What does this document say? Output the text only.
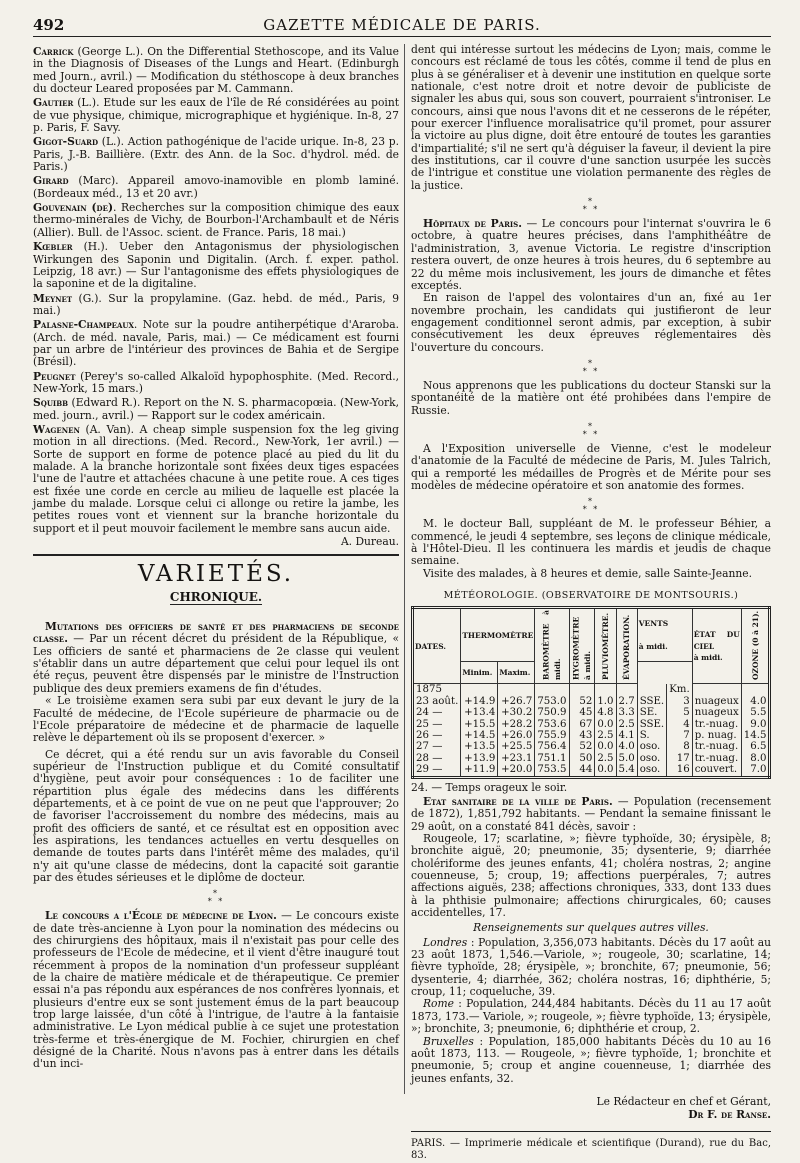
492	GAZETTE MÉDICALE DE PARIS.

Carrick (George L.). On the Differential Stethoscope, and its Value in the Diagnosis of Diseases of the Lungs and Heart. (Edinburgh med Journ., avril.) — Modification du stéthoscope à deux branches du docteur Leared proposées par M. Cammann.

Gautier (L.). Etude sur les eaux de l'île de Ré considérées au point de vue physique, chimique, micrographique et hygiénique. In-8, 27 p. Paris, F. Savy.

Gigot-Suard (L.). Action pathogénique de l'acide urique. In-8, 23 p. Paris, J.-B. Baillière. (Extr. des Ann. de la Soc. d'hydrol. méd. de Paris.)

Girard (Marc). Appareil amovo-inamovible en plomb laminé. (Bordeaux méd., 13 et 20 avr.)

Gouvenain (de). Recherches sur la composition chimique des eaux thermo-minérales de Vichy, de Bourbon-l'Archambault et de Néris (Allier). Bull. de l'Assoc. scient. de France. Paris, 18 mai.)

Kœbler (H.). Ueber den Antagonismus der physiologischen Wirkungen des Saponin und Digitalin. (Arch. f. exper. pathol. Leipzig, 18 avr.) — Sur l'antagonisme des effets physiologiques de la saponine et de la digitaline.

Meynet (G.). Sur la propylamine. (Gaz. hebd. de méd., Paris, 9 mai.)

Palasne-Champeaux. Note sur la poudre antiherpétique d'Araroba. (Arch. de méd. navale, Paris, mai.) — Ce médicament est fourni par un arbre de l'intérieur des provinces de Bahia et de Sergipe (Brésil).

Peugnet (Perey's so-called Alkaloïd hypophosphite. (Med. Record., New-York, 15 mars.)

Squibb (Edward R.). Report on the N. S. pharmacopœia. (New-York, med. journ., avril.) — Rapport sur le codex américain.

Wagenen (A. Van). A cheap simple suspension fox the leg giving motion in all directions. (Med. Record., New-York, 1er avril.) — Sorte de support en forme de potence placé au pied du lit du malade. A la branche horizontale sont fixées deux tiges espacées l'une de l'autre et attachées chacune à une petite roue. A ces tiges est fixée une corde en cercle au milieu de laquelle est placée la jambe du malade. Lorsque celui ci allonge ou retire la jambe, les petites roues vont et viennent sur la branche horizontale du support et il peut mouvoir facilement le membre sans aucun aide.

A. Dureau.

VARIETÉS.
CHRONIQUE.

Mutations des officiers de santé et des pharmaciens de seconde classe. — Par un récent décret du président de la République, « Les officiers de santé et pharmaciens de 2e classe qui veulent s'établir dans un autre département que celui pour lequel ils ont été reçus, peuvent être dispensés par le ministre de l'Instruction publique des deux premiers examens de fin d'études.

« Le troisième examen sera subi par eux devant le jury de la Faculté de médecine, de l'Ecole supérieure de pharmacie ou de l'Ecole préparatoire de médecine et de pharmacie de laquelle relève le département où ils se proposent d'exercer. »

Ce décret, qui a été rendu sur un avis favorable du Conseil supérieur de l'Instruction publique et du Comité consultatif d'hygiène, peut avoir pour conséquences : 1o de faciliter une répartition plus égale des médecins dans les différents départements, et à ce point de vue on ne peut que l'approuver; 2o de favoriser l'accroissement du nombre des médecins, mais au profit des officiers de santé, et ce résultat est en opposition avec les aspirations, les tendances actuelles en vertu desquelles on demande de toutes parts dans l'intérêt même des malades, qu'il n'y ait qu'une classe de médecins, dont la capacité soit garantie par des études sérieuses et le diplôme de docteur.

*
* *

Le concours a l'École de médecine de Lyon. — Le concours existe de date très-ancienne à Lyon pour la nomination des médecins ou des chirurgiens des hôpitaux, mais il n'existait pas pour celle des professeurs de l'Ecole de médecine, et il vient d'être inauguré tout récemment à propos de la nomination d'un professeur suppléant de la chaire de matière médicale et de thérapeutique. Ce premier essai n'a pas répondu aux espérances de nos confrères lyonnais, et plusieurs d'entre eux se sont justement émus de la part beaucoup trop large laissée, d'un côté à l'intrigue, de l'autre à la fantaisie administrative. Le Lyon médical publie à ce sujet une protestation très-ferme et très-énergique de M. Fochier, chirurgien en chef désigné de la Charité. Nous n'avons pas à entrer dans les détails d'un inci-

dent qui intéresse surtout les médecins de Lyon; mais, comme le concours est réclamé de tous les côtés, comme il tend de plus en plus à se généraliser et à devenir une institution en quelque sorte nationale, c'est notre droit et notre devoir de publiciste de signaler les abus qui, sous son couvert, pourraient s'introniser. Le concours, ainsi que nous l'avons dit et ne cesserons de le répéter, pour exercer l'influence moralisatrice qu'il promet, pour assurer la victoire au plus digne, doit être entouré de toutes les garanties d'impartialité; s'il ne sert qu'à déguiser la faveur, il devient la pire des institutions, car il couvre d'une sanction usurpée les succès de l'intrigue et constitue une violation permanente des règles de la justice.

*
* *

Hôpitaux de Paris. — Le concours pour l'internat s'ouvrira le 6 octobre, à quatre heures précises, dans l'amphithéâtre de l'administration, 3, avenue Victoria. Le registre d'inscription restera ouvert, de onze heures à trois heures, du 6 septembre au 22 du même mois inclusivement, les jours de dimanche et fêtes exceptés.

En raison de l'appel des volontaires d'un an, fixé au 1er novembre prochain, les candidats qui justifieront de leur engagement conditionnel seront admis, par exception, à subir consécutivement les deux épreuves réglementaires dès l'ouverture du concours.

*
* *

Nous apprenons que les publications du docteur Stanski sur la spontanéité de la matière ont été prohibées dans l'empire de Russie.

*
* *

A l'Exposition universelle de Vienne, c'est le modeleur d'anatomie de la Faculté de médecine de Paris, M. Jules Talrich, qui a remporté les médailles de Progrès et de Mérite pour ses modèles de médecine opératoire et son anatomie des formes.

*
* *

M. le docteur Ball, suppléant de M. le professeur Béhier, a commencé, le jeudi 4 septembre, ses leçons de clinique médicale, à l'Hôtel-Dieu. Il les continuera les mardis et jeudis de chaque semaine.

Visite des malades, à 8 heures et demie, salle Sainte-Jeanne.

MÉTÉOROLOGIE. (OBSERVATOIRE DE MONTSOURIS.)
DATES.	THERMOMÈTRE		BAROMÈTRE à midi.	HYGROMÈTRE à midi.	PLUVIOMÈTRE.	ÉVAPORATION.	VENTS

à midi.		ÉTAT DU CIEL
à midi.	OZONE (0 à 21).
	Minim.	Maxim.								
1875								Km.		
23 août.	+14.9	+26.7	753.0	52	1.0	2.7	SSE.	3	nuageux	4.0
24 —	+13.4	+30.2	750.9	45	4.8	3.3	SE.	5	nuageux	5.5
25 —	+15.5	+28.2	753.6	67	0.0	2.5	SSE.	4	tr.-nuag.	9.0
26 —	+14.5	+26.0	755.9	43	2.5	4.1	S.	7	p. nuag.	14.5
27 —	+13.5	+25.5	756.4	52	0.0	4.0	oso.	8	tr.-nuag.	6.5
28 —	+13.9	+23.1	751.1	50	2.5	5.0	oso.	17	tr.-nuag.	8.0
29 —	+11.9	+20.0	753.5	44	0.0	5.4	oso.	16	couvert.	7.0

24. — Temps orageux le soir.

Etat sanitaire de la ville de Paris. — Population (recensement de 1872), 1,851,792 habitants. — Pendant la semaine finissant le 29 août, on a constaté 841 décès, savoir :

Rougeole, 17; scarlatine, »; fièvre typhoïde, 30; érysipèle, 8; bronchite aiguë, 20; pneumonie, 35; dysenterie, 9; diarrhée cholériforme des jeunes enfants, 41; choléra nostras, 2; angine couenneuse, 5; croup, 19; affections puerpérales, 7; autres affections aiguës, 238; affections chroniques, 333, dont 133 dues à la phthisie pulmonaire; affections chirurgicales, 60; causes accidentelles, 17.

Renseignements sur quelques autres villes.

Londres : Population, 3,356,073 habitants. Décès du 17 août au 23 août 1873, 1,546.—Variole, »; rougeole, 30; scarlatine, 14; fièvre typhoïde, 28; érysipèle, »; bronchite, 67; pneumonie, 56; dysenterie, 4; diarrhée, 362; choléra nostras, 16; diphthérie, 5; croup, 11; coqueluche, 39.

Rome : Population, 244,484 habitants. Décès du 11 au 17 août 1873, 173.— Variole, »; rougeole, »; fièvre typhoïde, 13; érysipèle, »; bronchite, 3; pneumonie, 6; diphthérie et croup, 2.

Bruxelles : Population, 185,000 habitants Décès du 10 au 16 août 1873, 113. — Rougeole, »; fièvre typhoïde, 1; bronchite et pneumonie, 5; croup et angine couenneuse, 1; diarrhée des jeunes enfants, 32.

Le Rédacteur en chef et Gérant,
Dr F. de Ranse.

PARIS. — Imprimerie médicale et scientifique (Durand), rue du Bac, 83.
